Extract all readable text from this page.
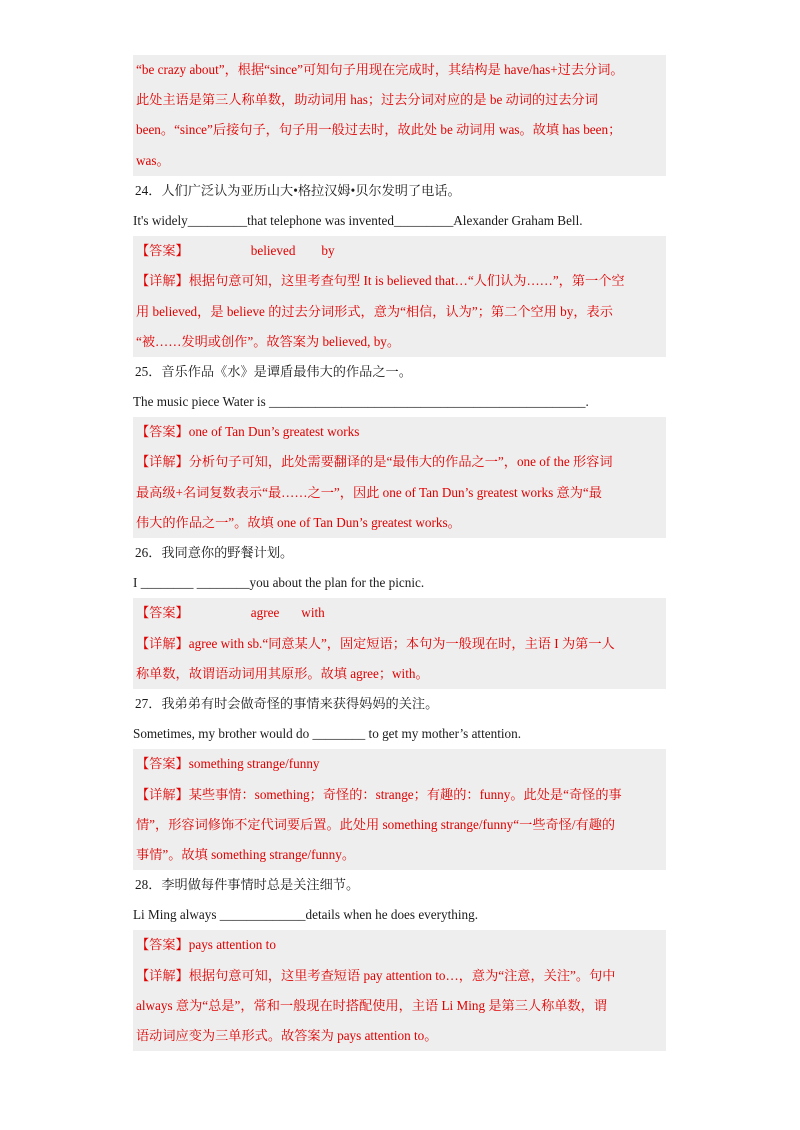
“be crazy about”，根据“since”可知句子用现在完成时，其结构是 have/has+过去分词。
此处主语是第三人称单数，助动词用 has；过去分词对应的是 be 动词的过去分词
been。“since”后接句子，句子用一般过去时，故此处 be 动词用 was。故填 has been；
was。
24．人们广泛认为亚历山大•格拉汉姆•贝尔发明了电话。
It's widely_________that telephone was invented_________Alexander Graham Bell.
【答案】	believed by
【详解】根据句意可知，这里考查句型 It is believed that…“人们认为……”，第一个空
用 believed，是 believe 的过去分词形式，意为“相信，认为”；第二个空用 by，表示
“被……发明或创作”。故答案为 believed, by。
25．音乐作品《水》是谭盾最伟大的作品之一。
The music piece Water is ________________________________________________.
【答案】one of Tan Dun’s greatest works
【详解】分析句子可知，此处需要翻译的是“最伟大的作品之一”，one of the 形容词
最高级+名词复数表示“最……之一”，因此 one of Tan Dun’s greatest works 意为“最
伟大的作品之一”。故填 one of Tan Dun’s greatest works。
26．我同意你的野餐计划。
I ________ ________you about the plan for the picnic.
【答案】	agree with
【详解】agree with sb.“同意某人”，固定短语；本句为一般现在时，主语 I 为第一人
称单数，故谓语动词用其原形。故填 agree；with。
27．我弟弟有时会做奇怪的事情来获得妈妈的关注。
Sometimes, my brother would do ________ to get my mother’s attention.
【答案】something strange/funny
【详解】某些事情：something；奇怪的：strange；有趣的：funny。此处是“奇怪的事
情”，形容词修饰不定代词要后置。此处用 something strange/funny“一些奇怪/有趣的
事情”。故填 something strange/funny。
28．李明做每件事情时总是关注细节。
Li Ming always _____________details when he does everything.
【答案】pays attention to
【详解】根据句意可知，这里考查短语 pay attention to…，意为“注意，关注”。句中
always 意为“总是”，常和一般现在时搭配使用，主语 Li Ming 是第三人称单数，谓
语动词应变为三单形式。故答案为 pays attention to。
